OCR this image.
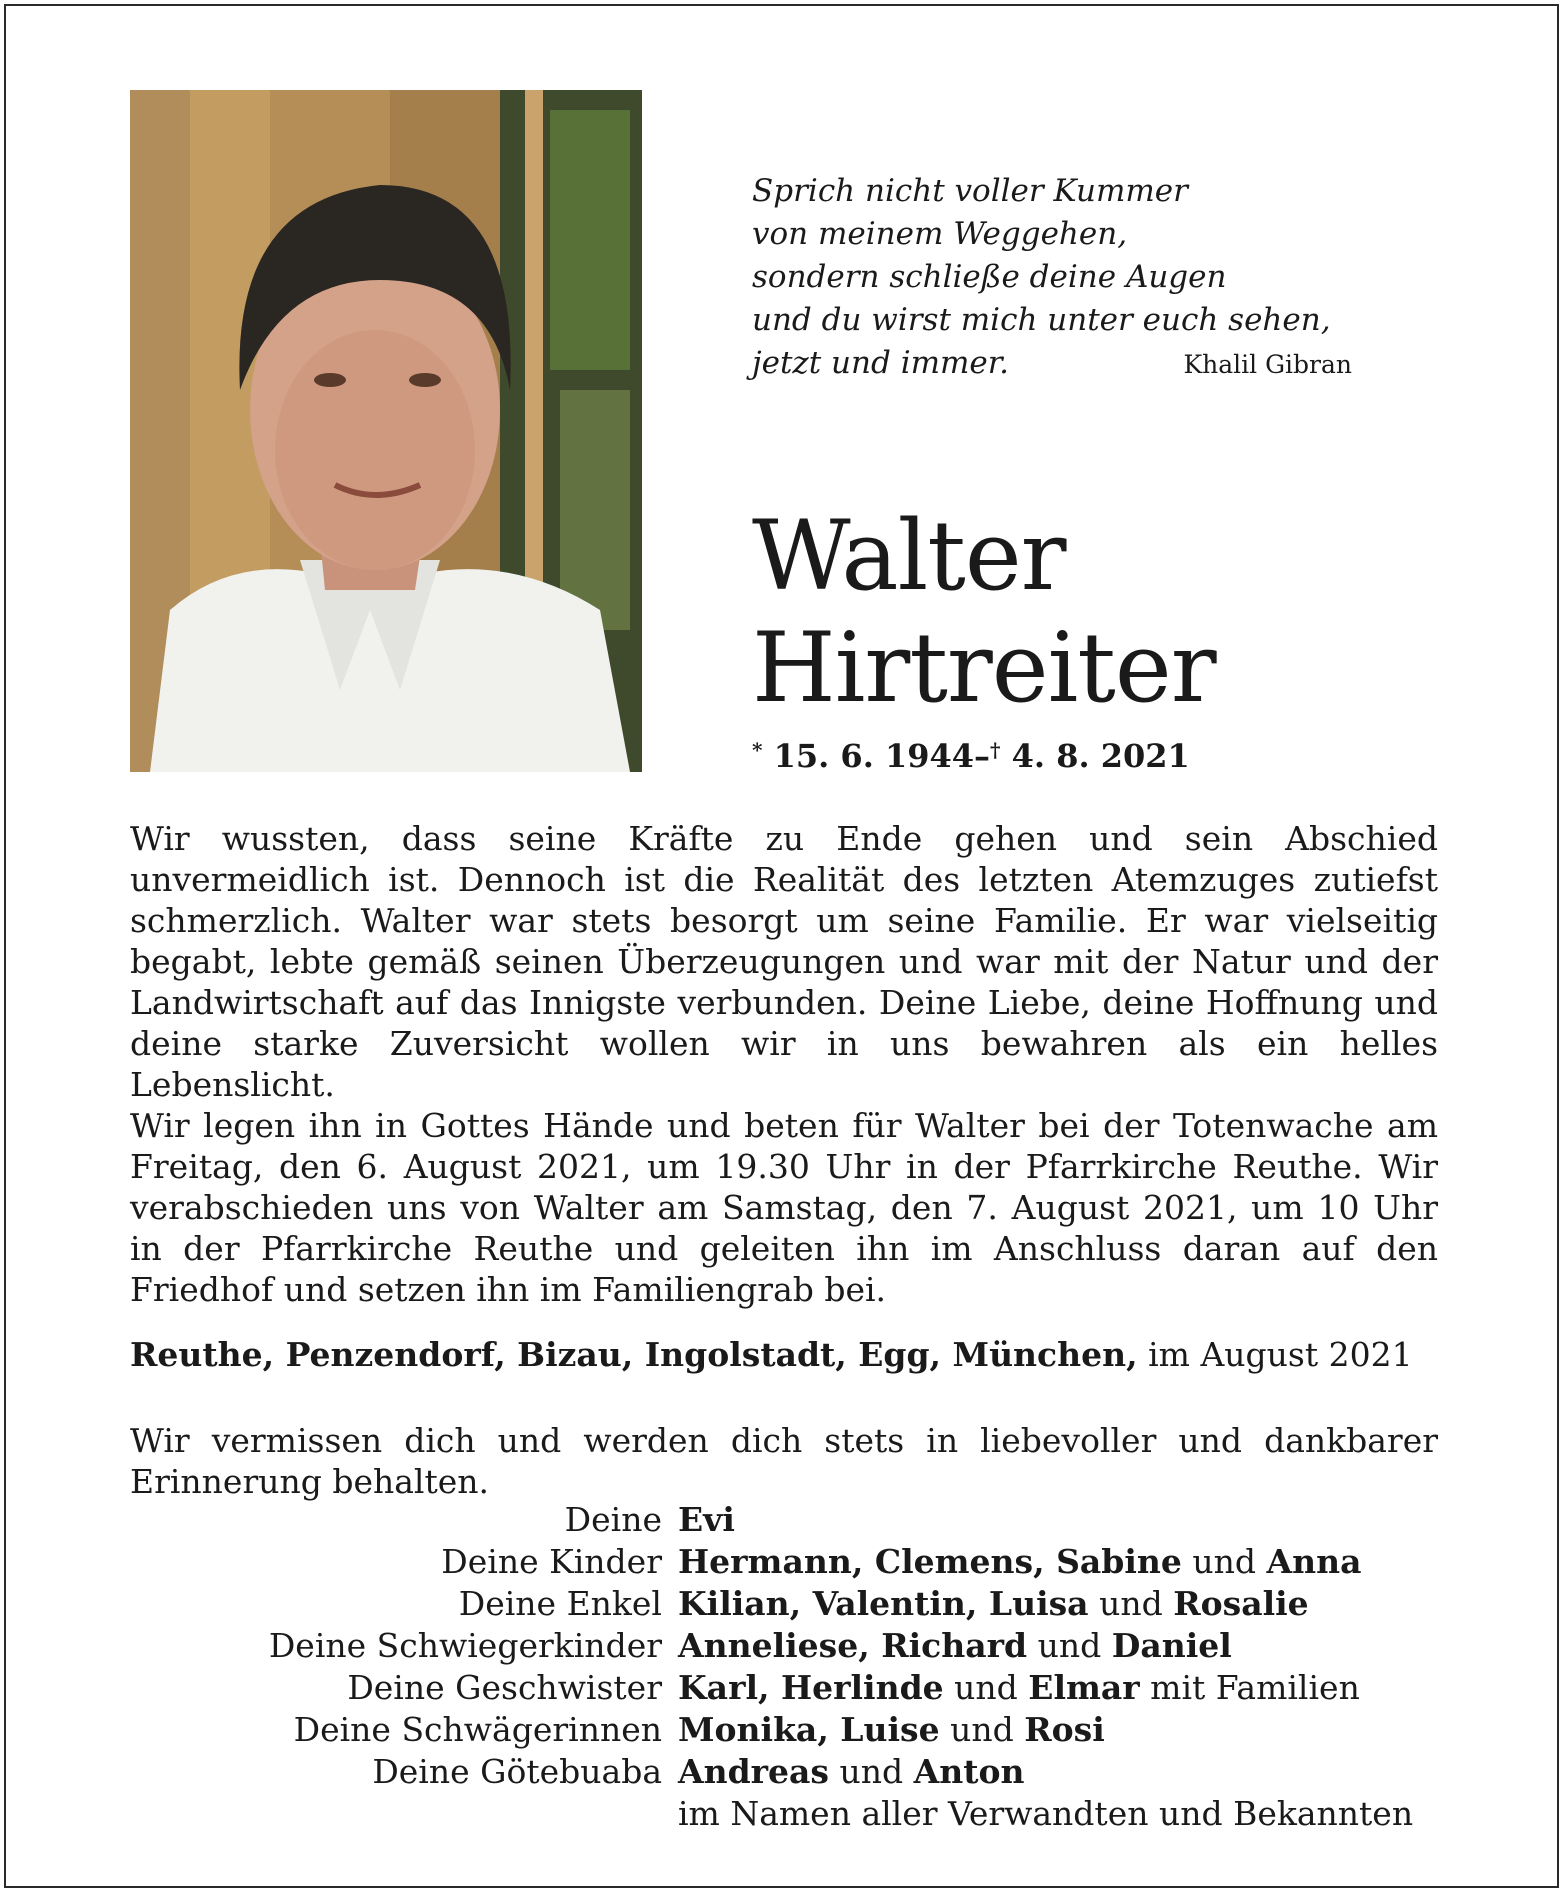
Sprich nicht voller Kummer
von meinem Weggehen,
sondern schließe deine Augen
und du wirst mich unter euch sehen,
jetzt und immer.	Khalil Gibran
Walter
Hirtreiter
* 15. 6. 1944–† 4. 8. 2021

Wir wussten, dass seine Kräfte zu Ende gehen und sein Abschied unvermeidlich ist. Dennoch ist die Realität des letzten Atemzuges zutiefst schmerzlich. Walter war stets besorgt um seine Familie. Er war vielseitig begabt, lebte gemäß seinen Überzeugungen und war mit der Natur und der Landwirtschaft auf das Innigste verbunden. Deine Liebe, deine Hoffnung und deine starke Zuversicht wollen wir in uns bewahren als ein helles Lebenslicht.

Wir legen ihn in Gottes Hände und beten für Walter bei der Totenwache am Freitag, den 6. August 2021, um 19.30 Uhr in der Pfarrkirche Reuthe. Wir verabschieden uns von Walter am Samstag, den 7. August 2021, um 10 Uhr in der Pfarrkirche Reuthe und geleiten ihn im Anschluss daran auf den Friedhof und setzen ihn im Familiengrab bei.

Reuthe, Penzendorf, Bizau, Ingolstadt, Egg, München, im August 2021
Wir vermissen dich und werden dich stets in liebevoller und dankbarer Erinnerung behalten.
Deine Evi
Deine Kinder Hermann, Clemens, Sabine und Anna
Deine Enkel Kilian, Valentin, Luisa und Rosalie
Deine Schwiegerkinder Anneliese, Richard und Daniel
Deine Geschwister Karl, Herlinde und Elmar mit Familien
Deine Schwägerinnen Monika, Luise und Rosi
Deine Götebuaba Andreas und Anton
im Namen aller Verwandten und Bekannten
